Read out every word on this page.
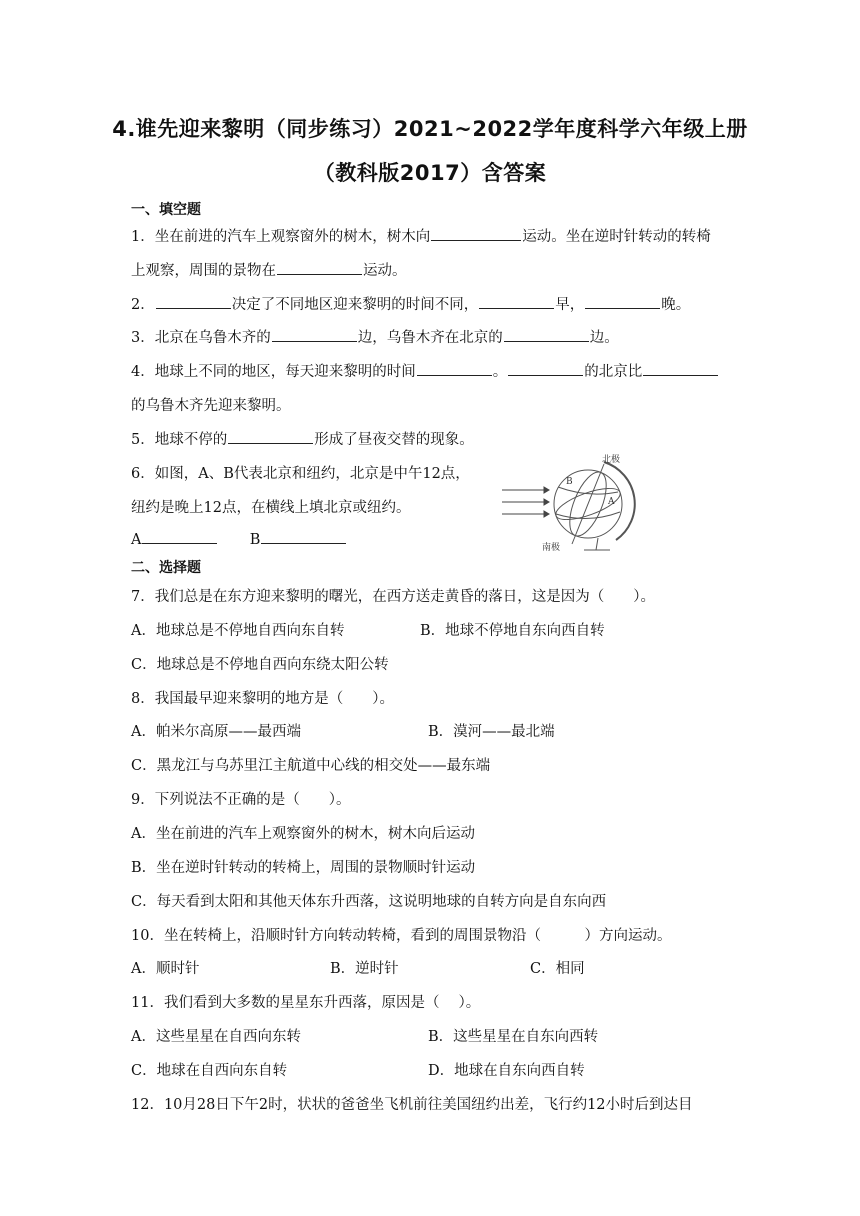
4.谁先迎来黎明（同步练习）2021~2022学年度科学六年级上册
（教科版2017）含答案
一、填空题
1．坐在前进的汽车上观察窗外的树木，树木向	运动。坐在逆时针转动的转椅
上观察，周围的景物在	运动。
2．	决定了不同地区迎来黎明的时间不同，	早，	晚。
3．北京在乌鲁木齐的	边，乌鲁木齐在北京的	边。
4．地球上不同的地区，每天迎来黎明的时间	。	的北京比
的乌鲁木齐先迎来黎明。
5．地球不停的	形成了昼夜交替的现象。
6．如图，A、B代表北京和纽约，北京是中午12点，
纽约是晚上12点，在横线上填北京或纽约。
A	B
北极
南极
A
B
二、选择题
7．我们总是在东方迎来黎明的曙光，在西方送走黄昏的落日，这是因为（　　）。
A．地球总是不停地自西向东自转	B．地球不停地自东向西自转
C．地球总是不停地自西向东绕太阳公转
8．我国最早迎来黎明的地方是（　　）。
A．帕米尔高原——最西端	B．漠河——最北端
C．黑龙江与乌苏里江主航道中心线的相交处——最东端
9．下列说法不正确的是（　　）。
A．坐在前进的汽车上观察窗外的树木，树木向后运动
B．坐在逆时针转动的转椅上，周围的景物顺时针运动
C．每天看到太阳和其他天体东升西落，这说明地球的自转方向是自东向西
10．坐在转椅上，沿顺时针方向转动转椅，看到的周围景物沿（　　　）方向运动。
A．顺时针	B．逆时针	C．相同
11．我们看到大多数的星星东升西落，原因是（　 ）。
A．这些星星在自西向东转	B．这些星星在自东向西转
C．地球在自西向东自转	D．地球在自东向西自转
12．10月28日下午2时，状状的爸爸坐飞机前往美国纽约出差，飞行约12小时后到达目
